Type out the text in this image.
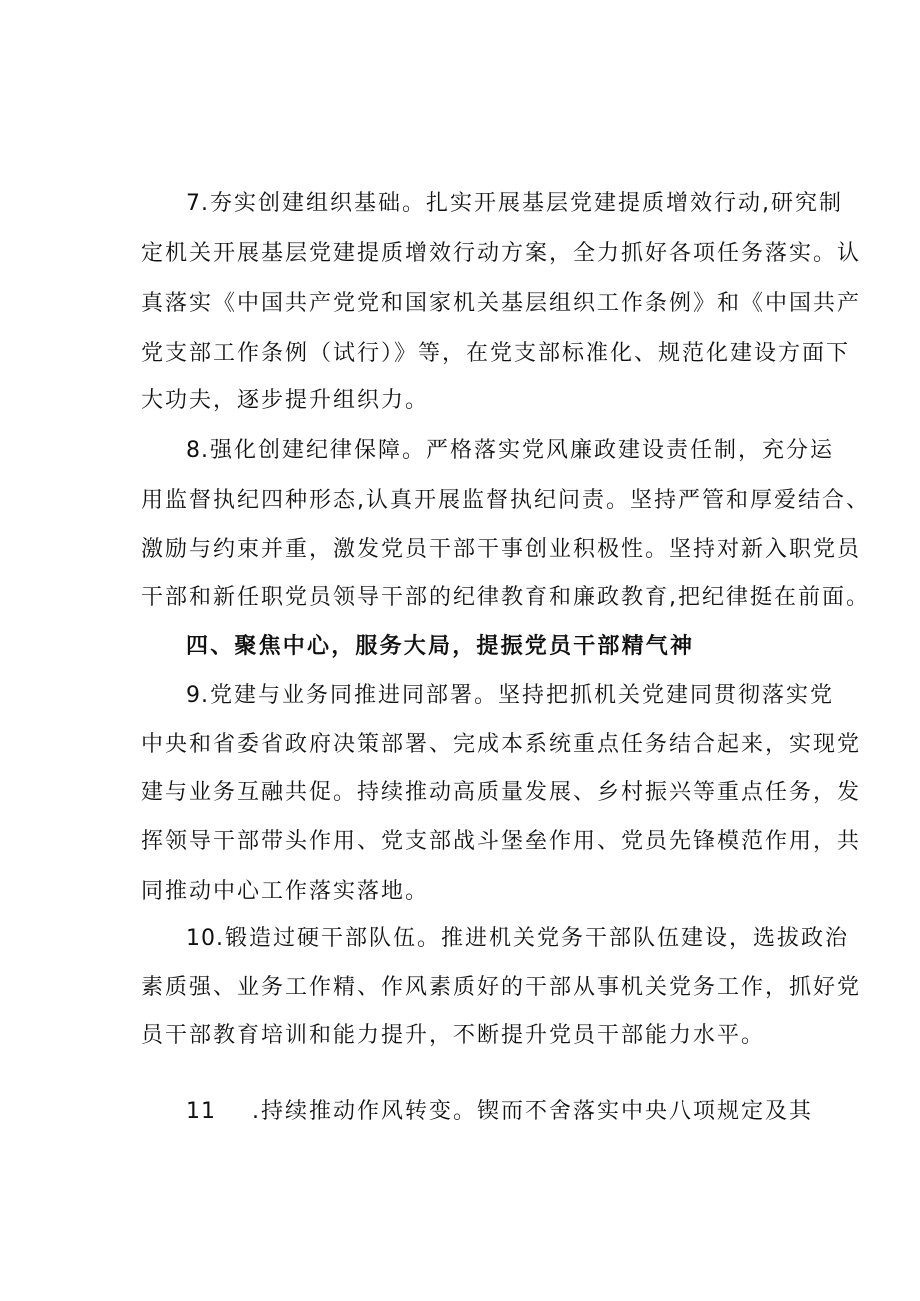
7.夯实创建组织基础。扎实开展基层党建提质增效行动,研究制
定机关开展基层党建提质增效行动方案，全力抓好各项任务落实。认
真落实《中国共产党党和国家机关基层组织工作条例》和《中国共产
党支部工作条例（试行）》等，在党支部标准化、规范化建设方面下
大功夫，逐步提升组织力。
8.强化创建纪律保障。严格落实党风廉政建设责任制，充分运
用监督执纪四种形态,认真开展监督执纪问责。坚持严管和厚爱结合、
激励与约束并重，激发党员干部干事创业积极性。坚持对新入职党员
干部和新任职党员领导干部的纪律教育和廉政教育,把纪律挺在前面。
四、聚焦中心，服务大局，提振党员干部精气神
9.党建与业务同推进同部署。坚持把抓机关党建同贯彻落实党
中央和省委省政府决策部署、完成本系统重点任务结合起来，实现党
建与业务互融共促。持续推动高质量发展、乡村振兴等重点任务，发
挥领导干部带头作用、党支部战斗堡垒作用、党员先锋模范作用，共
同推动中心工作落实落地。
10.锻造过硬干部队伍。推进机关党务干部队伍建设，选拔政治
素质强、业务工作精、作风素质好的干部从事机关党务工作，抓好党
员干部教育培训和能力提升，不断提升党员干部能力水平。
11 .持续推动作风转变。锲而不舍落实中央八项规定及其
